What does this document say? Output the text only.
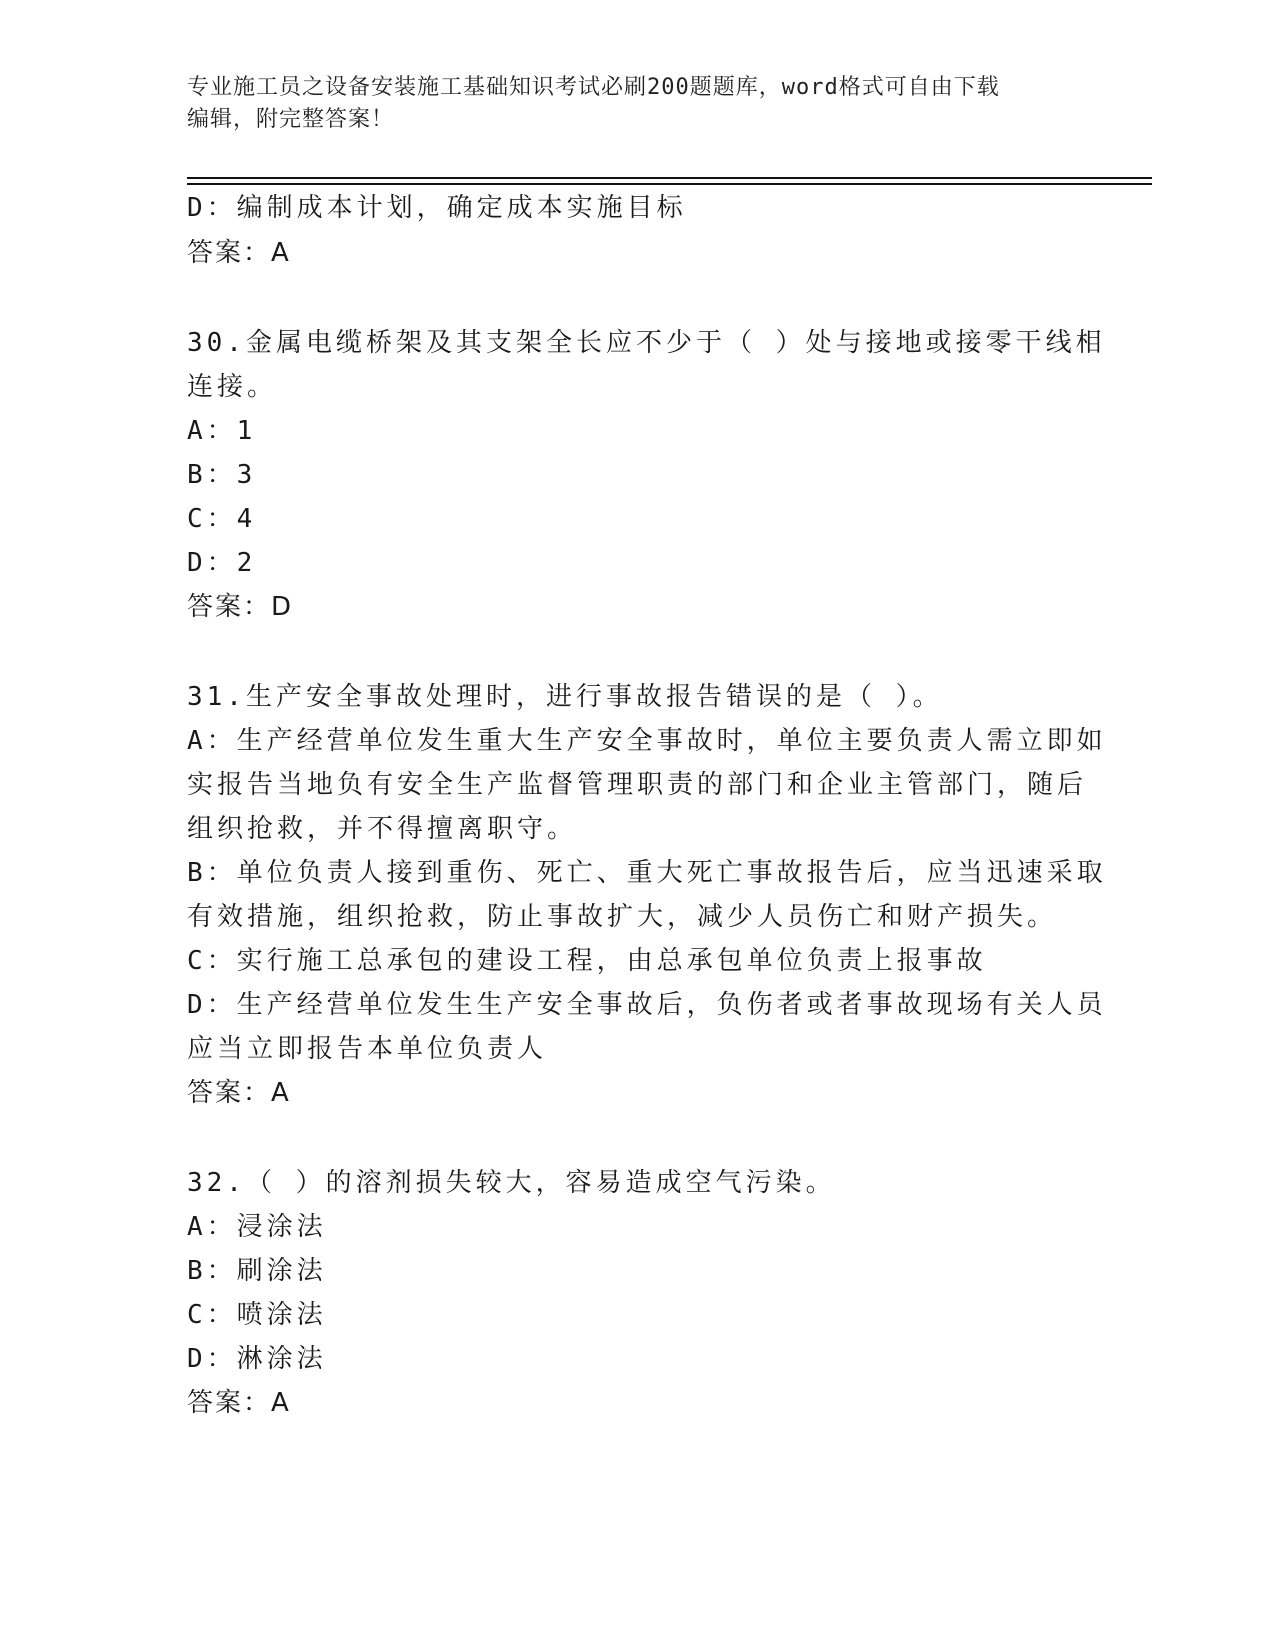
专业施工员之设备安装施工基础知识考试必刷200题题库，word格式可自由下载
编辑，附完整答案！
D：编制成本计划，确定成本实施目标
答案：A
30.金属电缆桥架及其支架全长应不少于（ ）处与接地或接零干线相
连接。
A：1
B：3
C：4
D：2
答案：D
31.生产安全事故处理时，进行事故报告错误的是（ ）。
A：生产经营单位发生重大生产安全事故时，单位主要负责人需立即如
实报告当地负有安全生产监督管理职责的部门和企业主管部门，随后
组织抢救，并不得擅离职守。
B：单位负责人接到重伤、死亡、重大死亡事故报告后，应当迅速采取
有效措施，组织抢救，防止事故扩大，减少人员伤亡和财产损失。
C：实行施工总承包的建设工程，由总承包单位负责上报事故
D：生产经营单位发生生产安全事故后，负伤者或者事故现场有关人员
应当立即报告本单位负责人
答案：A
32.（ ）的溶剂损失较大，容易造成空气污染。
A：浸涂法
B：刷涂法
C：喷涂法
D：淋涂法
答案：A
